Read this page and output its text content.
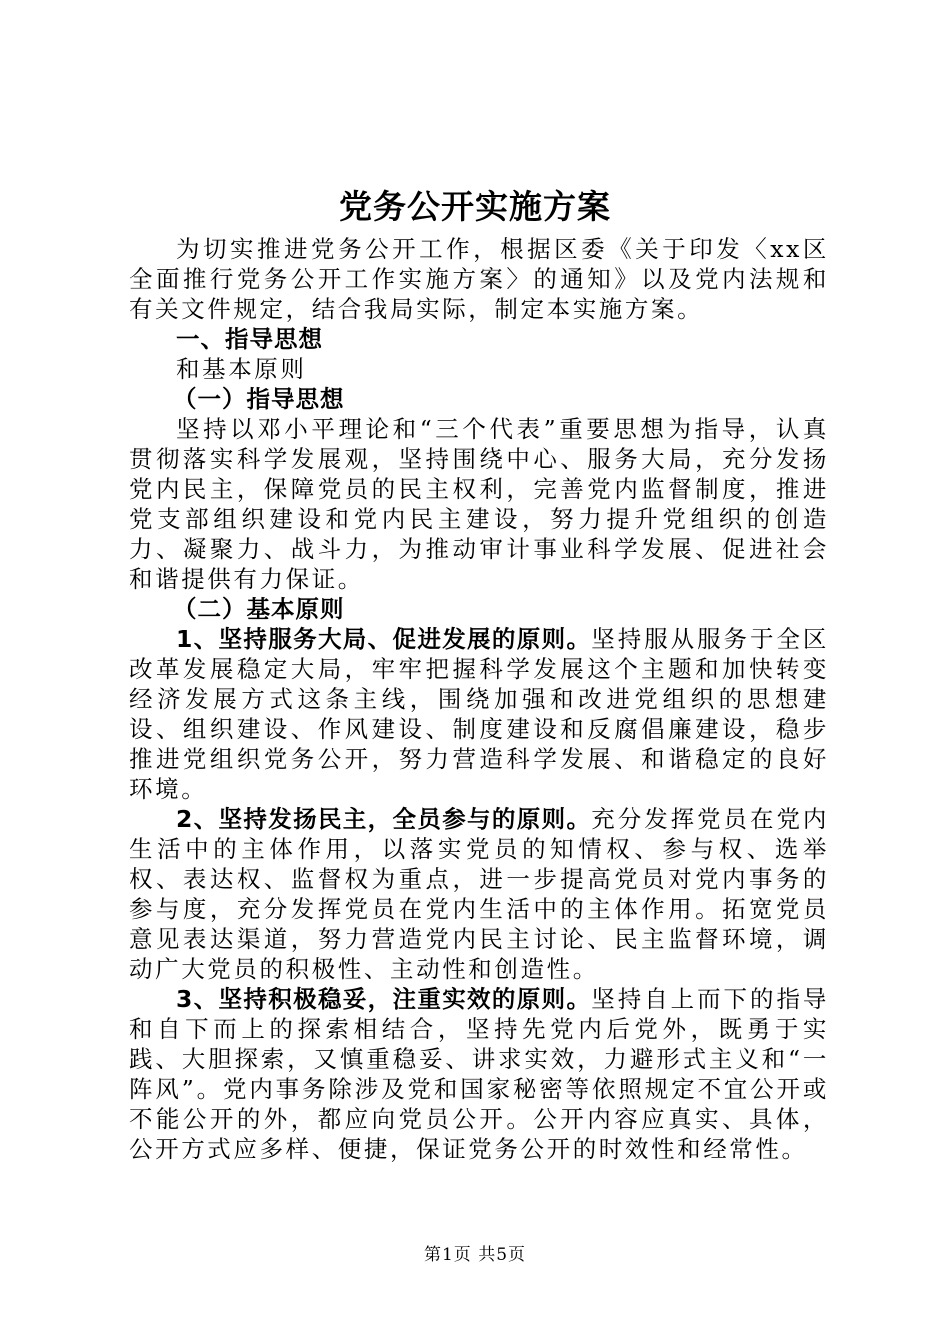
党务公开实施方案

为切实推进党务公开工作，根据区委《关于印发〈xx区全面推行党务公开工作实施方案〉的通知》以及党内法规和有关文件规定，结合我局实际，制定本实施方案。

一、指导思想

和基本原则

（一）指导思想

坚持以邓小平理论和“三个代表”重要思想为指导，认真贯彻落实科学发展观，坚持围绕中心、服务大局，充分发扬党内民主，保障党员的民主权利，完善党内监督制度，推进党支部组织建设和党内民主建设，努力提升党组织的创造力、凝聚力、战斗力，为推动审计事业科学发展、促进社会和谐提供有力保证。

（二）基本原则

1、坚持服务大局、促进发展的原则。坚持服从服务于全区改革发展稳定大局，牢牢把握科学发展这个主题和加快转变经济发展方式这条主线，围绕加强和改进党组织的思想建设、组织建设、作风建设、制度建设和反腐倡廉建设，稳步推进党组织党务公开，努力营造科学发展、和谐稳定的良好环境。

2、坚持发扬民主，全员参与的原则。充分发挥党员在党内生活中的主体作用，以落实党员的知情权、参与权、选举权、表达权、监督权为重点，进一步提高党员对党内事务的参与度，充分发挥党员在党内生活中的主体作用。拓宽党员意见表达渠道，努力营造党内民主讨论、民主监督环境，调动广大党员的积极性、主动性和创造性。

3、坚持积极稳妥，注重实效的原则。坚持自上而下的指导和自下而上的探索相结合，坚持先党内后党外，既勇于实践、大胆探索，又慎重稳妥、讲求实效，力避形式主义和“一阵风”。党内事务除涉及党和国家秘密等依照规定不宜公开或不能公开的外，都应向党员公开。公开内容应真实、具体，公开方式应多样、便捷，保证党务公开的时效性和经常性。

第1页 共5页
